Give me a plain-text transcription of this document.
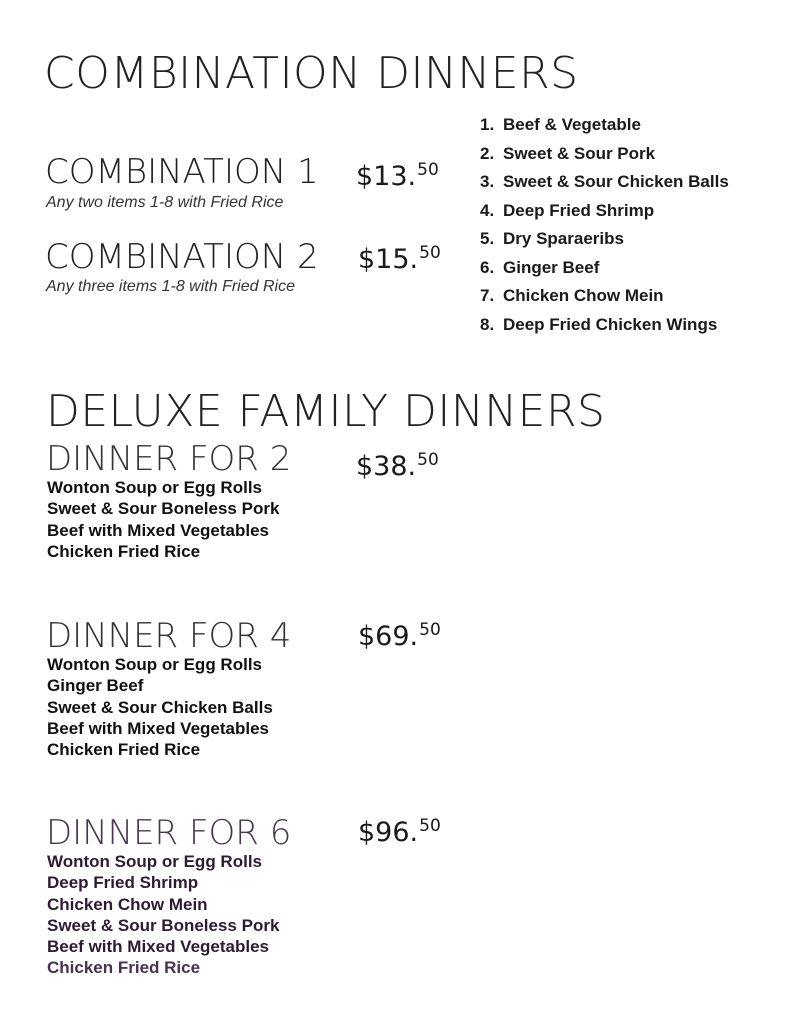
COMBINATION DINNERS
COMBINATION 1
Any two items 1-8 with Fried Rice
$13.50
COMBINATION 2
Any three items 1-8 with Fried Rice
$15.50
1. Beef & Vegetable
2. Sweet & Sour Pork
3. Sweet & Sour Chicken Balls
4. Deep Fried Shrimp
5. Dry Sparaeribs
6. Ginger Beef
7. Chicken Chow Mein
8. Deep Fried Chicken Wings
DELUXE FAMILY DINNERS
DINNER FOR 2 $38.50
Wonton Soup or Egg Rolls
Sweet & Sour Boneless Pork
Beef with Mixed Vegetables
Chicken Fried Rice
DINNER FOR 4 $69.50
Wonton Soup or Egg Rolls
Ginger Beef
Sweet & Sour Chicken Balls
Beef with Mixed Vegetables
Chicken Fried Rice
DINNER FOR 6 $96.50
Wonton Soup or Egg Rolls
Deep Fried Shrimp
Chicken Chow Mein
Sweet & Sour Boneless Pork
Beef with Mixed Vegetables
Chicken Fried Rice
